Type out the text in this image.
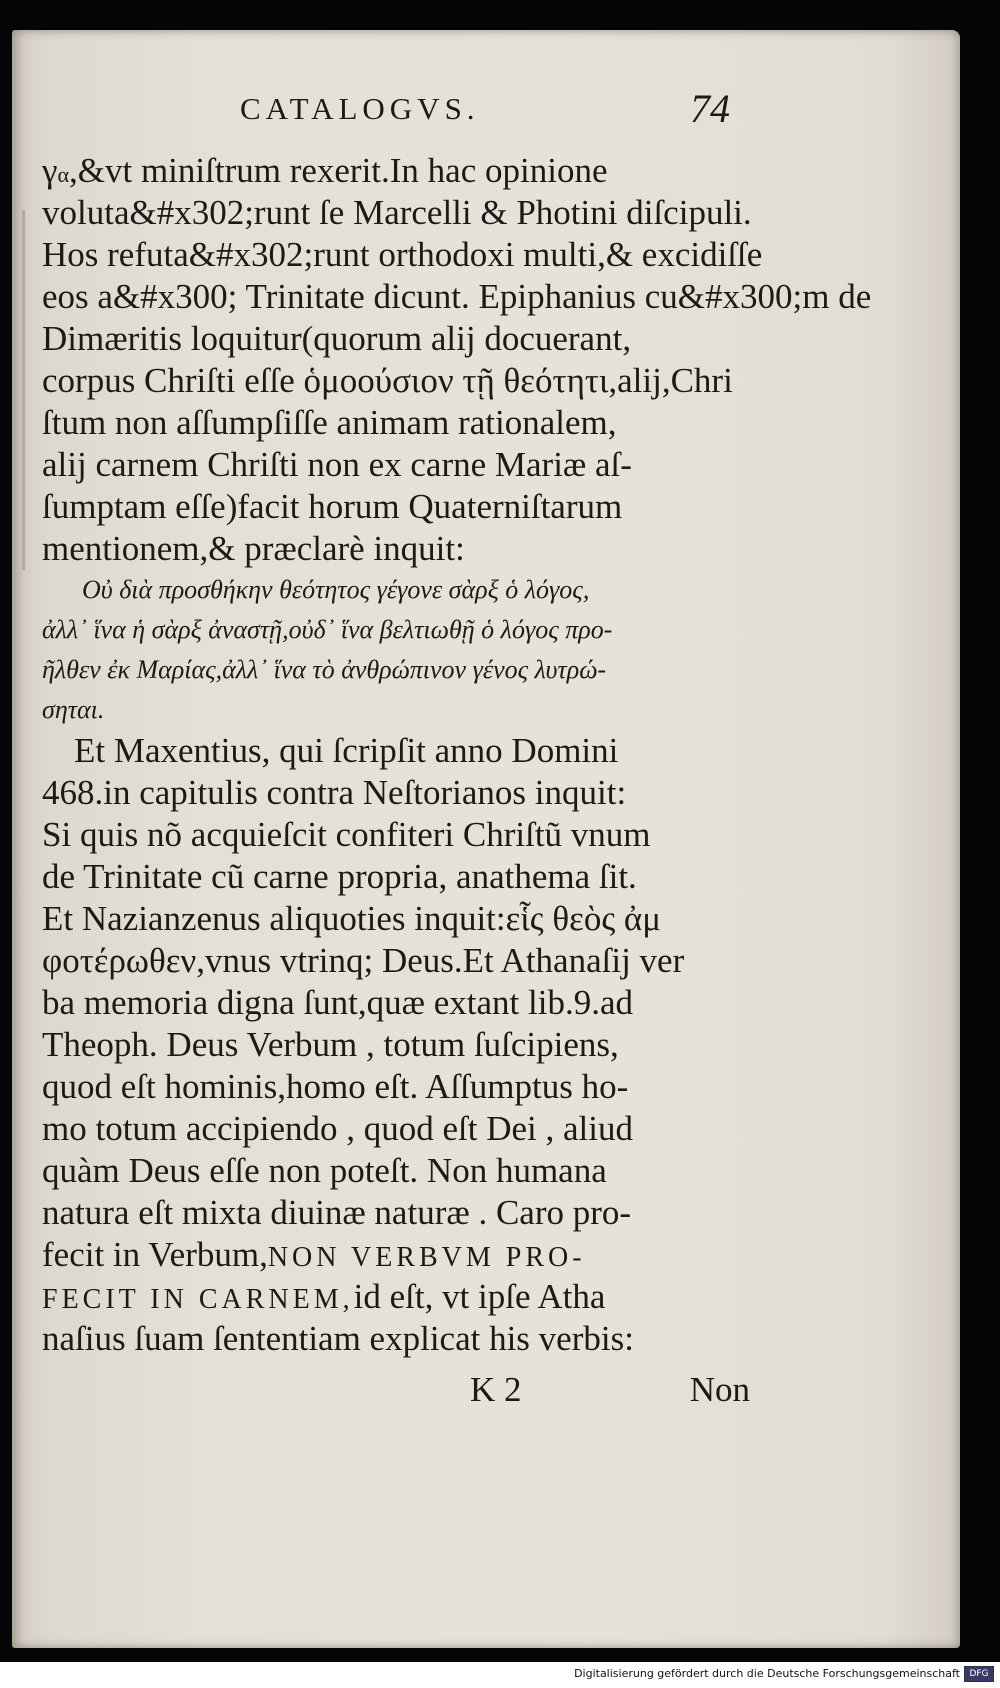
CATALOGVS.	74
γα,&vt miniſtrum rexerit.In hac opinione
voluta&#x302;runt ſe Marcelli & Photini diſcipuli.
Hos refuta&#x302;runt orthodoxi multi,& excidiſſe
eos a&#x300; Trinitate dicunt. Epiphanius cu&#x300;m de
Dimæritis loquitur(quorum alij docuerant,
corpus Chriſti eſſe ὁμοούσιον τῇ θεότητι,alij,Chri
ſtum non aſſumpſiſſe animam rationalem,
alij carnem Chriſti non ex carne Mariæ aſ-
ſumptam eſſe)facit horum Quaterniſtarum
mentionem,& præclarè inquit:
Οὐ διὰ προσθήκην θεότητος γέγονε σὰρξ ὁ λόγος,
ἀλλ᾽ ἵνα ἡ σὰρξ ἀναστῇ,οὐδ᾽ ἵνα βελτιωθῇ ὁ λόγος προ-
ῆλθεν ἐκ Μαρίας,ἀλλ᾽ ἵνα τὸ ἀνθρώπινον γένος λυτρώ-
σηται.
Et Maxentius, qui ſcripſit anno Domini
468.in capitulis contra Neſtorianos inquit:
Si quis nõ acquieſcit confiteri Chriſtũ vnum
de Trinitate cũ carne propria, anathema ſit.
Et Nazianzenus aliquoties inquit:εἷς θεὸς ἀμ
φοτέρωθεν,vnus vtrinq; Deus.Et Athanaſij ver
ba memoria digna ſunt,quæ extant lib.9.ad
Theoph. Deus Verbum , totum ſuſcipiens,
quod eſt hominis,homo eſt. Aſſumptus ho-
mo totum accipiendo , quod eſt Dei , aliud
quàm Deus eſſe non poteſt. Non humana
natura eſt mixta diuinæ naturæ . Caro pro-
fecit in Verbum,NON VERBVM PRO-
FECIT IN CARNEM,id eſt, vt ipſe Atha
naſius ſuam ſententiam explicat his verbis:
K 2	Non
Digitalisierung gefördert durch die Deutsche Forschungsgemeinschaft	DFG
